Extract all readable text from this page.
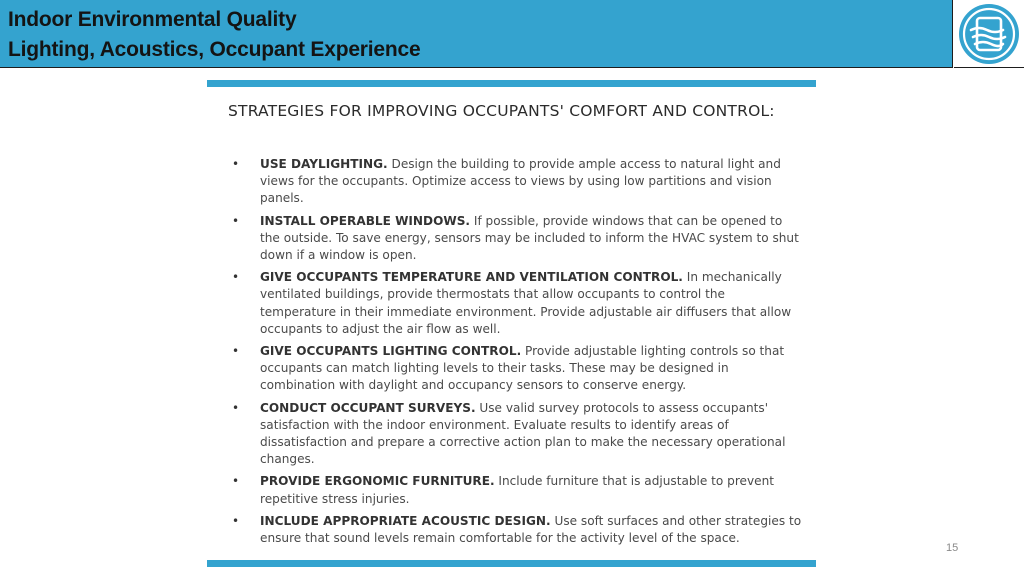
Indoor Environmental Quality
Lighting, Acoustics, Occupant Experience
STRATEGIES FOR IMPROVING OCCUPANTS' COMFORT AND CONTROL:
• USE DAYLIGHTING. Design the building to provide ample access to natural light and views for the occupants. Optimize access to views by using low partitions and vision panels.
• INSTALL OPERABLE WINDOWS. If possible, provide windows that can be opened to the outside. To save energy, sensors may be included to inform the HVAC system to shut down if a window is open.
• GIVE OCCUPANTS TEMPERATURE AND VENTILATION CONTROL. In mechanically ventilated buildings, provide thermostats that allow occupants to control the temperature in their immediate environment. Provide adjustable air diffusers that allow occupants to adjust the air flow as well.
• GIVE OCCUPANTS LIGHTING CONTROL. Provide adjustable lighting controls so that occupants can match lighting levels to their tasks. These may be designed in combination with daylight and occupancy sensors to conserve energy.
• CONDUCT OCCUPANT SURVEYS. Use valid survey protocols to assess occupants' satisfaction with the indoor environment. Evaluate results to identify areas of dissatisfaction and prepare a corrective action plan to make the necessary operational changes.
• PROVIDE ERGONOMIC FURNITURE. Include furniture that is adjustable to prevent repetitive stress injuries.
• INCLUDE APPROPRIATE ACOUSTIC DESIGN. Use soft surfaces and other strategies to ensure that sound levels remain comfortable for the activity level of the space.
15
